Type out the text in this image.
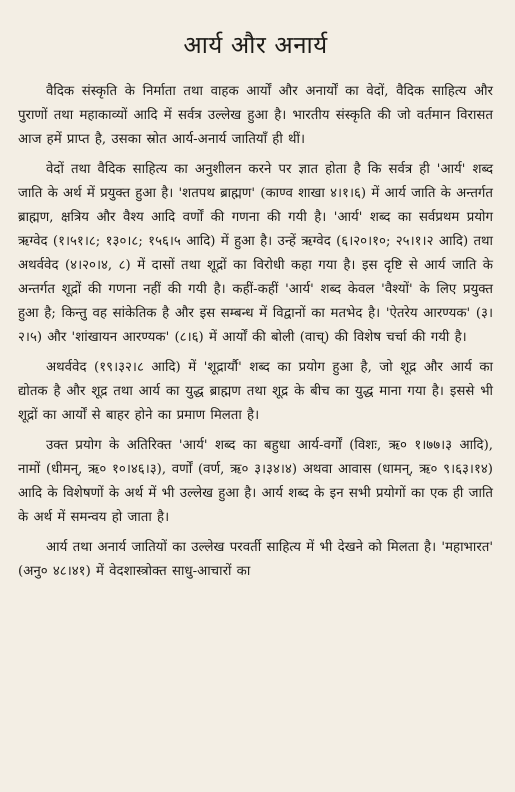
आर्य और अनार्य

वैदिक संस्कृति के निर्माता तथा वाहक आर्यों और अनार्यों का वेदों, वैदिक साहित्य और पुराणों तथा महाकाव्यों आदि में सर्वत्र उल्लेख हुआ है। भारतीय संस्कृति की जो वर्तमान विरासत आज हमें प्राप्त है, उसका स्रोत आर्य-अनार्य जातियाँ ही थीं।

वेदों तथा वैदिक साहित्य का अनुशीलन करने पर ज्ञात होता है कि सर्वत्र ही 'आर्य' शब्द जाति के अर्थ में प्रयुक्त हुआ है। 'शतपथ ब्राह्मण' (काण्व शाखा ४।१।६) में आर्य जाति के अन्तर्गत ब्राह्मण, क्षत्रिय और वैश्य आदि वर्णों की गणना की गयी है। 'आर्य' शब्द का सर्वप्रथम प्रयोग ऋग्वेद (१।५१।८; १३०।८; १५६।५ आदि) में हुआ है। उन्हें ऋग्वेद (६।२०।१०; २५।१।२ आदि) तथा अथर्ववेद (४।२०।४, ८) में दासों तथा शूद्रों का विरोधी कहा गया है। इस दृष्टि से आर्य जाति के अन्तर्गत शूद्रों की गणना नहीं की गयी है। कहीं-कहीं 'आर्य' शब्द केवल 'वैश्यों' के लिए प्रयुक्त हुआ है; किन्तु वह सांकेतिक है और इस सम्बन्ध में विद्वानों का मतभेद है। 'ऐतरेय आरण्यक' (३।२।५) और 'शांखायन आरण्यक' (८।६) में आर्यों की बोली (वाच्) की विशेष चर्चा की गयी है।

अथर्ववेद (१९।३२।८ आदि) में 'शूद्रार्यौ' शब्द का प्रयोग हुआ है, जो शूद्र और आर्य का द्योतक है और शूद्र तथा आर्य का युद्ध ब्राह्मण तथा शूद्र के बीच का युद्ध माना गया है। इससे भी शूद्रों का आर्यों से बाहर होने का प्रमाण मिलता है।

उक्त प्रयोग के अतिरिक्त 'आर्य' शब्द का बहुधा आर्य-वर्गों (विशः, ऋ० १।७७।३ आदि), नामों (धीमन्, ऋ० १०।४६।३), वर्णों (वर्ण, ऋ० ३।३४।४) अथवा आवास (धामन्, ऋ० ९।६३।१४) आदि के विशेषणों के अर्थ में भी उल्लेख हुआ है। आर्य शब्द के इन सभी प्रयोगों का एक ही जाति के अर्थ में समन्वय हो जाता है।

आर्य तथा अनार्य जातियों का उल्लेख परवर्ती साहित्य में भी देखने को मिलता है। 'महाभारत' (अनु० ४८।४१) में वेदशास्त्रोक्त साधु-आचारों का
